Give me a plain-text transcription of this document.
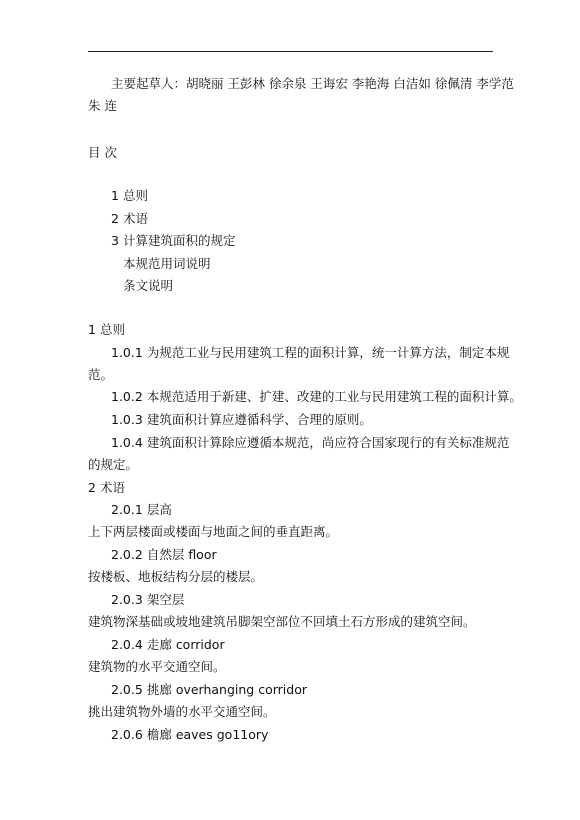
主要起草人：胡晓丽 王彭林 徐余泉 王诲宏 李艳海 白洁如 徐佩清 李学范
朱 连
目 次
1 总则
2 术语
3 计算建筑面积的规定
本规范用词说明
条文说明
1 总则
1.0.1 为规范工业与民用建筑工程的面积计算，统一计算方法，制定本规
范。
1.0.2 本规范适用于新建、扩建、改建的工业与民用建筑工程的面积计算。
1.0.3 建筑面积计算应遵循科学、合理的原则。
1.0.4 建筑面积计算除应遵循本规范，尚应符合国家现行的有关标准规范
的规定。
2 术语
2.0.1 层高
上下两层楼面或楼面与地面之间的垂直距离。
2.0.2 自然层 floor
按楼板、地板结构分层的楼层。
2.0.3 架空层
建筑物深基础或坡地建筑吊脚架空部位不回填土石方形成的建筑空间。
2.0.4 走廊 corridor
建筑物的水平交通空间。
2.0.5 挑廊 overhanging corridor
挑出建筑物外墙的水平交通空间。
2.0.6 檐廊 eaves go11ory
